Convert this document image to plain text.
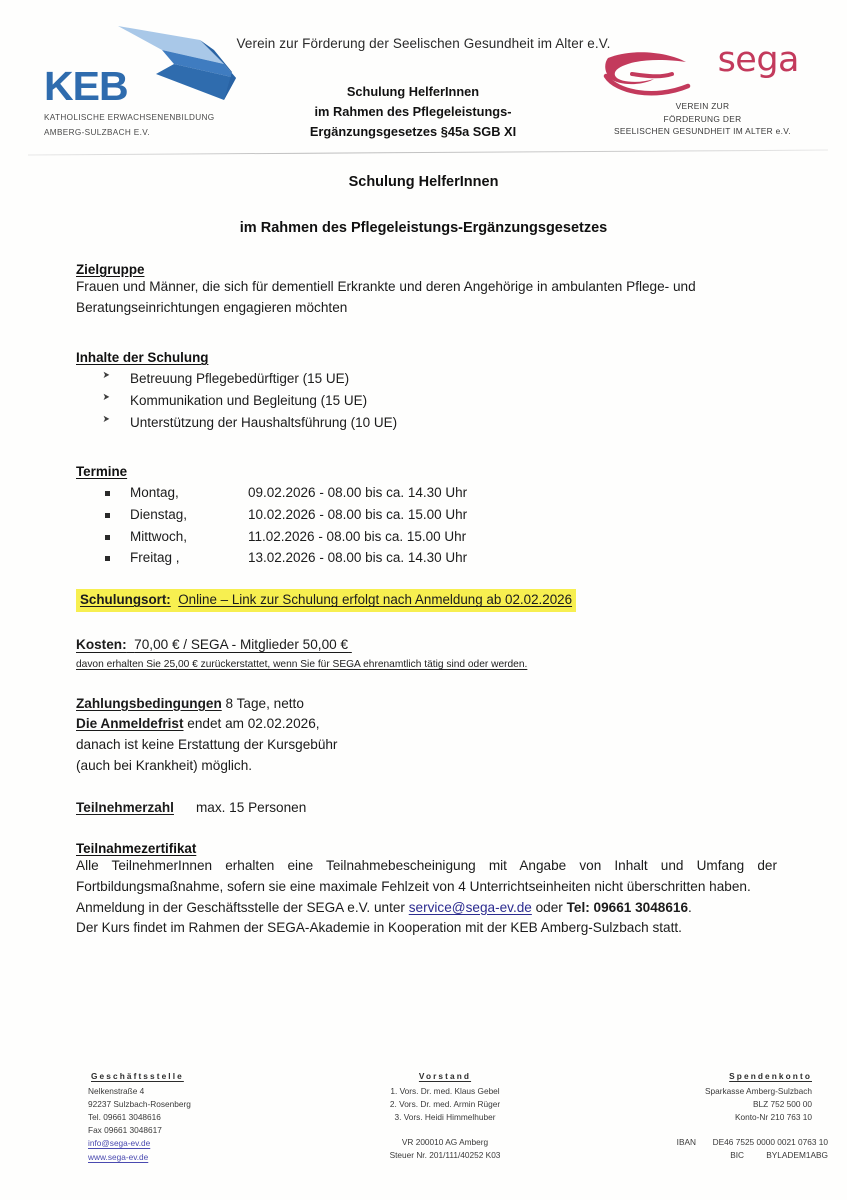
KEB
KATHOLISCHE ERWACHSENENBILDUNG
AMBERG-SULZBACH E.V.
Verein zur Förderung der Seelischen Gesundheit im Alter e.V.
Schulung HelferInnen
im Rahmen des Pflegeleistungs-
Ergänzungsgesetzes §45a SGB XI
sega
VEREIN ZUR
FÖRDERUNG DER
SEELISCHEN GESUNDHEIT IM ALTER e.V.
Schulung HelferInnen
im Rahmen des Pflegeleistungs-Ergänzungsgesetzes
Zielgruppe
Frauen und Männer, die sich für dementiell Erkrankte und deren Angehörige in ambulanten Pflege- und Beratungseinrichtungen engagieren möchten
Inhalte der Schulung
➤ Betreuung Pflegebedürftiger (15 UE)
➤ Kommunikation und Begleitung (15 UE)
➤ Unterstützung der Haushaltsführung (10 UE)
Termine
Montag,	09.02.2026 - 08.00 bis ca. 14.30 Uhr
Dienstag,	10.02.2026 - 08.00 bis ca. 15.00 Uhr
Mittwoch,	11.02.2026 - 08.00 bis ca. 15.00 Uhr
Freitag ,	13.02.2026 - 08.00 bis ca. 14.30 Uhr
Schulungsort: Online – Link zur Schulung erfolgt nach Anmeldung ab 02.02.2026
Kosten: 70,00 € / SEGA - Mitglieder 50,00 €
davon erhalten Sie 25,00 € zurückerstattet, wenn Sie für SEGA ehrenamtlich tätig sind oder werden.
Zahlungsbedingungen 8 Tage, netto
Die Anmeldefrist endet am 02.02.2026,
danach ist keine Erstattung der Kursgebühr
(auch bei Krankheit) möglich.
Teilnehmerzahl max. 15 Personen
Teilnahmezertifikat
Alle TeilnehmerInnen erhalten eine Teilnahmebescheinigung mit Angabe von Inhalt und Umfang der Fortbildungsmaßnahme, sofern sie eine maximale Fehlzeit von 4 Unterrichtseinheiten nicht überschritten haben.
Anmeldung in der Geschäftsstelle der SEGA e.V. unter service@sega-ev.de oder Tel: 09661 3048616.
Der Kurs findet im Rahmen der SEGA-Akademie in Kooperation mit der KEB Amberg-Sulzbach statt.
Geschäftsstelle
Nelkenstraße 4
92237 Sulzbach-Rosenberg
Tel. 09661 3048616
Fax 09661 3048617
info@sega-ev.de
www.sega-ev.de
Vorstand
1. Vors. Dr. med. Klaus Gebel
2. Vors. Dr. med. Armin Rüger
3. Vors. Heidi Himmelhuber
VR 200010 AG Amberg
Steuer Nr. 201/111/40252 K03
Spendenkonto
Sparkasse Amberg-Sulzbach
BLZ 752 500 00
Konto-Nr 210 763 10
IBAN	DE46 7525 0000 0021 0763 10
BIC	BYLADEM1ABG
